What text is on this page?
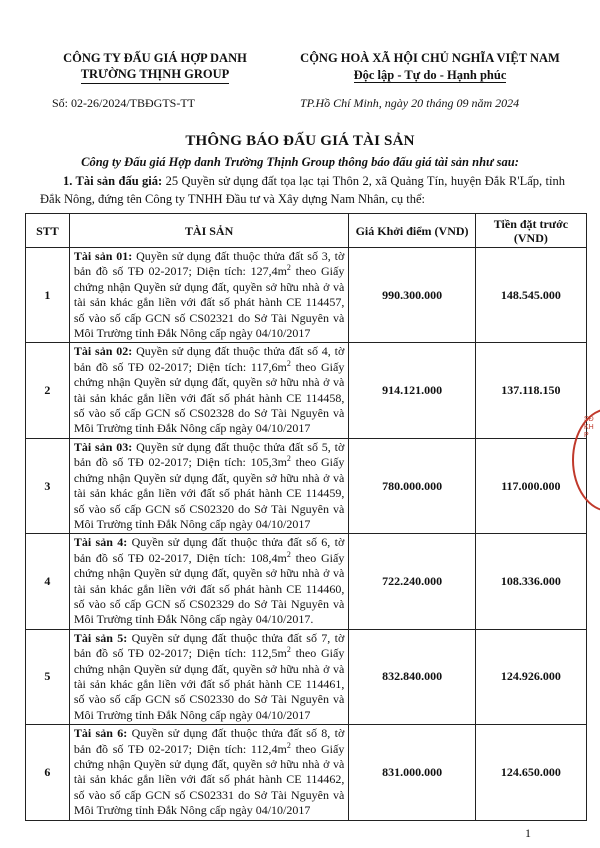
CÔNG TY ĐẤU GIÁ HỢP DANH
TRƯỜNG THỊNH GROUP
CỘNG HOÀ XÃ HỘI CHỦ NGHĨA VIỆT NAM
Độc lập - Tự do - Hạnh phúc
Số: 02-26/2024/TBĐGTS-TT	TP.Hồ Chí Minh, ngày 20 tháng 09 năm 2024
THÔNG BÁO ĐẤU GIÁ TÀI SẢN
Công ty Đấu giá Hợp danh Trường Thịnh Group thông báo đấu giá tài sản như sau:
1. Tài sản đấu giá: 25 Quyền sử dụng đất tọa lạc tại Thôn 2, xã Quảng Tín, huyện Đắk R'Lấp, tỉnh Đắk Nông, đứng tên Công ty TNHH Đầu tư và Xây dựng Nam Nhân, cụ thể:
STT	TÀI SẢN	Giá Khởi điểm (VND)	Tiền đặt trước (VND)
1	Tài sản 01: Quyền sử dụng đất thuộc thửa đất số 3, tờ bản đồ số TĐ 02-2017; Diện tích: $127,4m^2$ theo Giấy chứng nhận Quyền sử dụng đất, quyền sở hữu nhà ở và tài sản khác gắn liền với đất số phát hành CE 114457, số vào số cấp GCN số CS02321 do Sở Tài Nguyên và Môi Trường tỉnh Đắk Nông cấp ngày 04/10/2017	990.300.000	148.545.000
2	Tài sản 02: Quyền sử dụng đất thuộc thửa đất số 4, tờ bản đồ số TĐ 02-2017; Diện tích: $117,6m^2$ theo Giấy chứng nhận Quyền sử dụng đất, quyền sở hữu nhà ở và tài sản khác gắn liền với đất số phát hành CE 114458, số vào số cấp GCN số CS02328 do Sở Tài Nguyên và Môi Trường tỉnh Đắk Nông cấp ngày 04/10/2017	914.121.000	137.118.150
3	Tài sản 03: Quyền sử dụng đất thuộc thửa đất số 5, tờ bản đồ số TĐ 02-2017; Diện tích: $105,3m^2$ theo Giấy chứng nhận Quyền sử dụng đất, quyền sở hữu nhà ở và tài sản khác gắn liền với đất số phát hành CE 114459, số vào số cấp GCN số CS02320 do Sở Tài Nguyên và Môi Trường tỉnh Đắk Nông cấp ngày 04/10/2017	780.000.000	117.000.000
4	Tài sản 4: Quyền sử dụng đất thuộc thửa đất số 6, tờ bản đồ số TĐ 02-2017, Diện tích: $108,4m^2$ theo Giấy chứng nhận Quyền sử dụng đất, quyền sở hữu nhà ở và tài sản khác gắn liền với đất số phát hành CE 114460, số vào số cấp GCN số CS02329 do Sở Tài Nguyên và Môi Trường tỉnh Đắk Nông cấp ngày 04/10/2017.	722.240.000	108.336.000
5	Tài sản 5: Quyền sử dụng đất thuộc thửa đất số 7, tờ bản đồ số TĐ 02-2017; Diện tích: $112,5m^2$ theo Giấy chứng nhận Quyền sử dụng đất, quyền sở hữu nhà ở và tài sản khác gắn liền với đất số phát hành CE 114461, số vào số cấp GCN số CS02330 do Sở Tài Nguyên và Môi Trường tỉnh Đắk Nông cấp ngày 04/10/2017	832.840.000	124.926.000
6	Tài sản 6: Quyền sử dụng đất thuộc thửa đất số 8, tờ bản đồ số TĐ 02-2017; Diện tích: $112,4m^2$ theo Giấy chứng nhận Quyền sử dụng đất, quyền sở hữu nhà ở và tài sản khác gắn liền với đất số phát hành CE 114462, số vào số cấp GCN số CS02331 do Sở Tài Nguyên và Môi Trường tỉnh Đắk Nông cấp ngày 04/10/2017	831.000.000	124.650.000
SĐKHP
1
